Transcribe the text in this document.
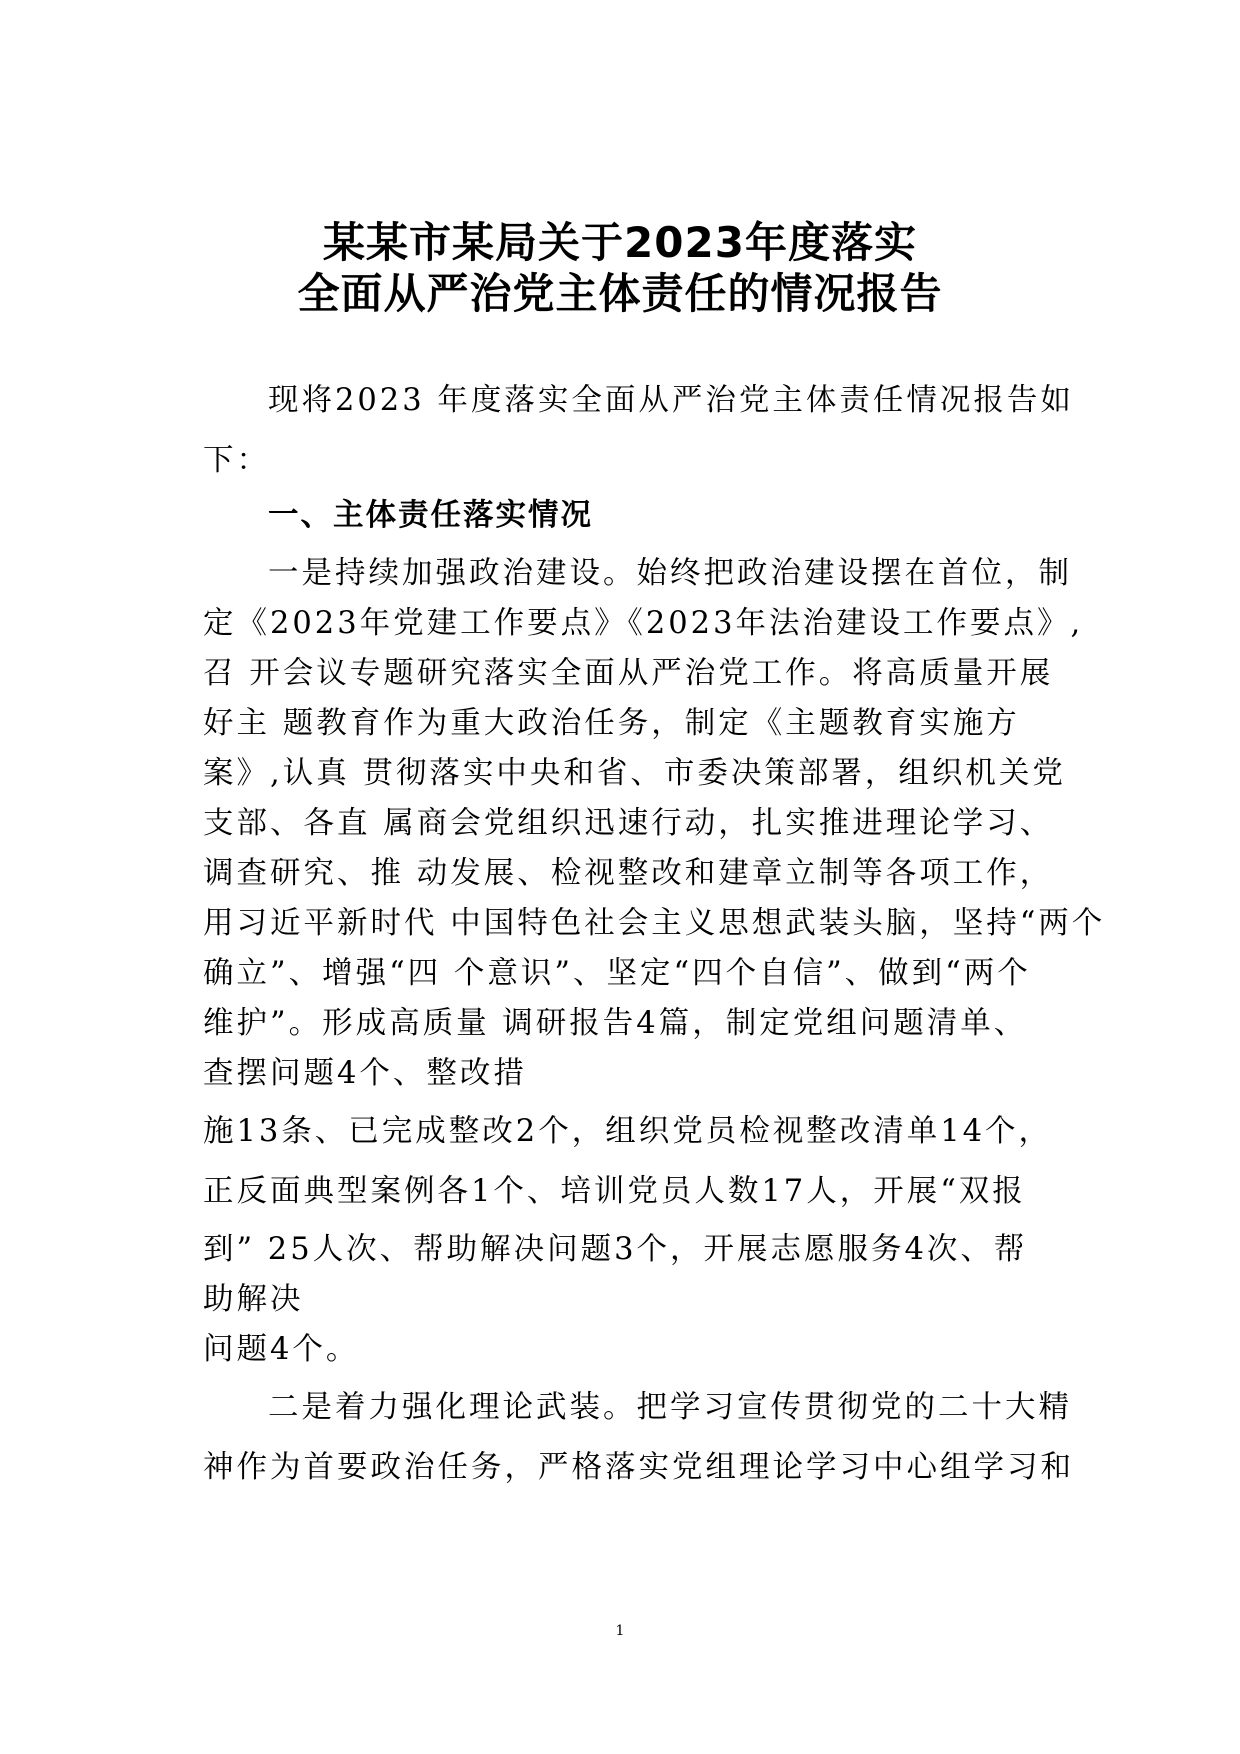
某某市某局关于2023年度落实
全面从严治党主体责任的情况报告
现将2023 年度落实全面从严治党主体责任情况报告如
下：
一、主体责任落实情况
一是持续加强政治建设。始终把政治建设摆在首位，制
定《2023年党建工作要点》《2023年法治建设工作要点》,
召 开会议专题研究落实全面从严治党工作。将高质量开展
好主 题教育作为重大政治任务，制定《主题教育实施方
案》,认真 贯彻落实中央和省、市委决策部署，组织机关党
支部、各直 属商会党组织迅速行动，扎实推进理论学习、
调查研究、推 动发展、检视整改和建章立制等各项工作，
用习近平新时代 中国特色社会主义思想武装头脑，坚持“两个
确立”、增强“四 个意识”、坚定“四个自信”、做到“两个
维护”。形成高质量 调研报告4篇，制定党组问题清单、
查摆问题4个、整改措
施13条、已完成整改2个，组织党员检视整改清单14个，
正反面典型案例各1个、培训党员人数17人，开展“双报
到” 25人次、帮助解决问题3个，开展志愿服务4次、帮
助解决
问题4个。
二是着力强化理论武装。把学习宣传贯彻党的二十大精
神作为首要政治任务，严格落实党组理论学习中心组学习和
1
